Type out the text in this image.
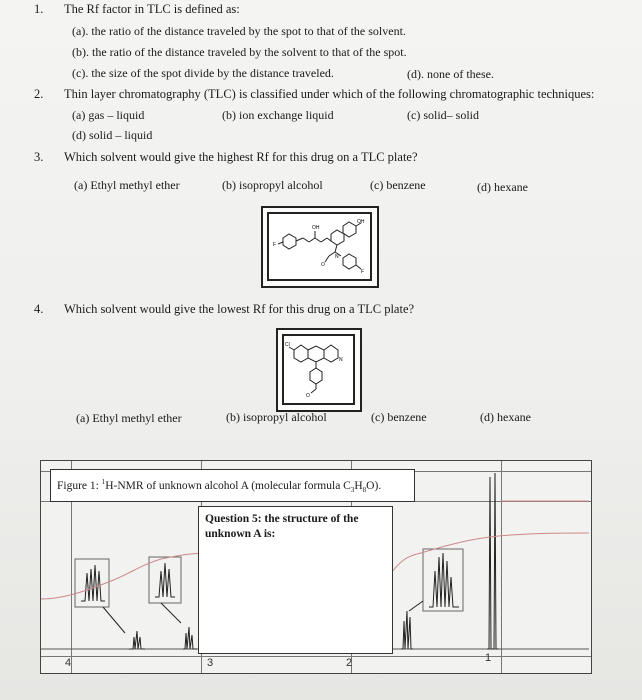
1. The Rf factor in TLC is defined as:
(a). the ratio of the distance traveled by the spot to that of the solvent.
(b). the ratio of the distance traveled by the solvent to that of the spot.
(c). the size of the spot divide by the distance traveled.	(d). none of these.
2. Thin layer chromatography (TLC) is classified under which of the following chromatographic techniques:
(a) gas – liquid	(b) ion exchange liquid	(c) solid– solid
(d) solid – liquid
3. Which solvent would give the highest Rf for this drug on a TLC plate?
(a) Ethyl methyl ether	(b) isopropyl alcohol	(c) benzene	(d) hexane
OH
OH
F
F
O
N
4. Which solvent would give the lowest Rf for this drug on a TLC plate?
Cl
N
O
(a) Ethyl methyl ether	(b) isopropyl alcohol	(c) benzene	(d) hexane
4	3	2	1
Figure 1: $^1$H-NMR of unknown alcohol A (molecular formula $C_3H_8O$).
Question 5: the structure of the unknown A is:
